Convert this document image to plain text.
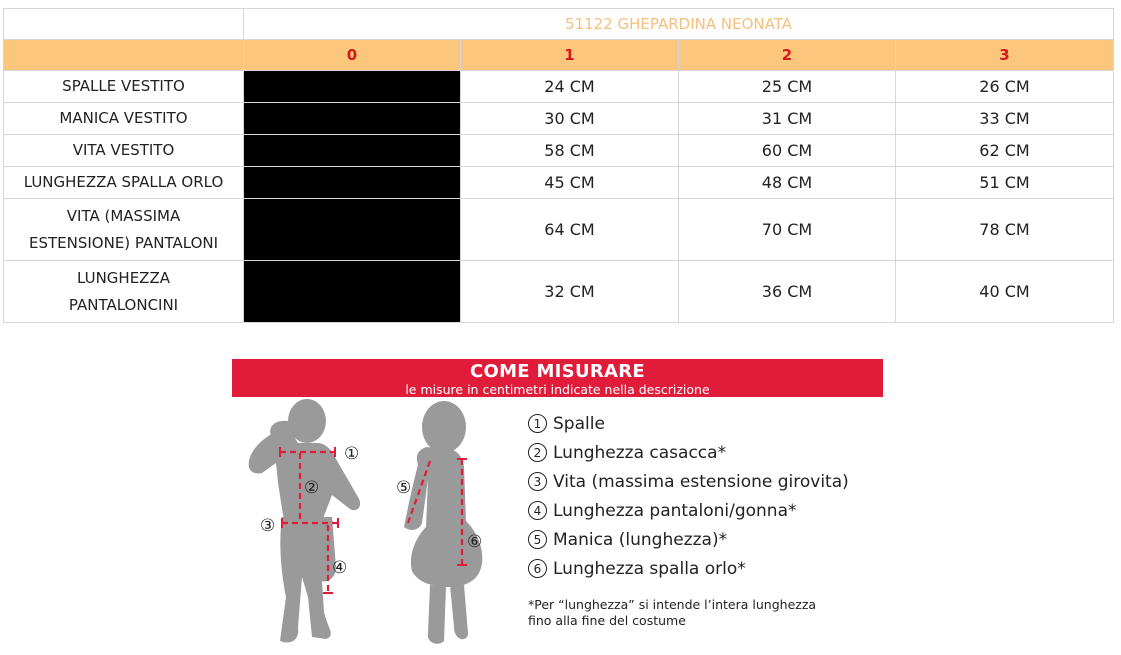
	51122 GHEPARDINA NEONATA			
	0	1	2	3
SPALLE VESTITO		24 CM	25 CM	26 CM
MANICA VESTITO		30 CM	31 CM	33 CM
VITA VESTITO		58 CM	60 CM	62 CM
LUNGHEZZA SPALLA ORLO		45 CM	48 CM	51 CM

VITA (MASSIMA
ESTENSIONE) PANTALONI		64 CM	70 CM	78 CM

LUNGHEZZA
PANTALONCINI		32 CM	36 CM	40 CM
COME MISURARE
le misure in centimetri indicate nella descrizione
①
②
③
④
⑤
⑥
1 Spalle
2 Lunghezza casacca*
3 Vita (massima estensione girovita)
4 Lunghezza pantaloni/gonna*
5 Manica (lunghezza)*
6 Lunghezza spalla orlo*
*Per “lunghezza” si intende l’intera lunghezza
fino alla fine del costume
